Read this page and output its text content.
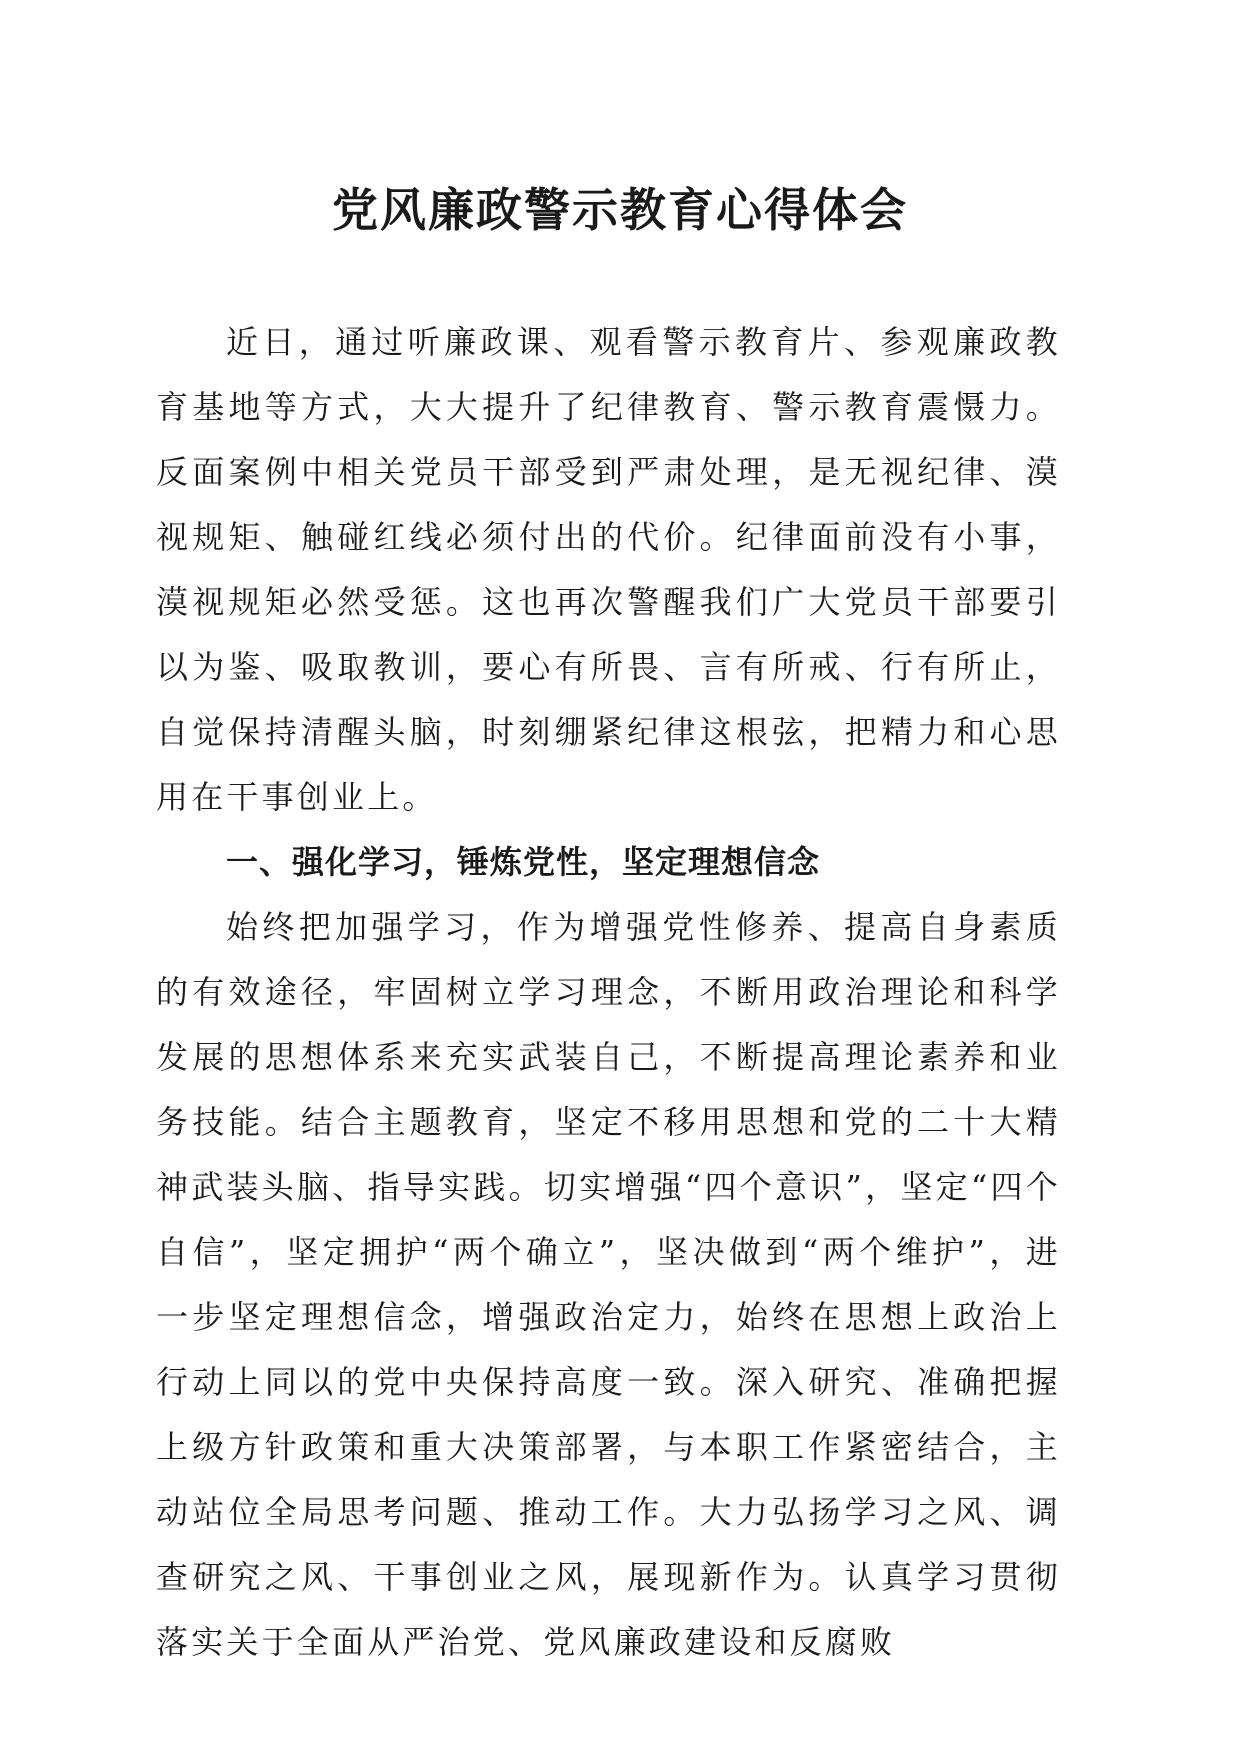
党风廉政警示教育心得体会

近日，通过听廉政课、观看警示教育片、参观廉政教育基地等方式，大大提升了纪律教育、警示教育震慑力。反面案例中相关党员干部受到严肃处理，是无视纪律、漠视规矩、触碰红线必须付出的代价。纪律面前没有小事，漠视规矩必然受惩。这也再次警醒我们广大党员干部要引以为鉴、吸取教训，要心有所畏、言有所戒、行有所止，自觉保持清醒头脑，时刻绷紧纪律这根弦，把精力和心思用在干事创业上。

一、强化学习，锤炼党性，坚定理想信念

始终把加强学习，作为增强党性修养、提高自身素质的有效途径，牢固树立学习理念，不断用政治理论和科学发展的思想体系来充实武装自己，不断提高理论素养和业务技能。结合主题教育，坚定不移用思想和党的二十大精神武装头脑、指导实践。切实增强“四个意识”，坚定“四个自信”，坚定拥护“两个确立”，坚决做到“两个维护”，进一步坚定理想信念，增强政治定力，始终在思想上政治上行动上同以的党中央保持高度一致。深入研究、准确把握上级方针政策和重大决策部署，与本职工作紧密结合，主动站位全局思考问题、推动工作。大力弘扬学习之风、调查研究之风、干事创业之风，展现新作为。认真学习贯彻落实关于全面从严治党、党风廉政建设和反腐败
